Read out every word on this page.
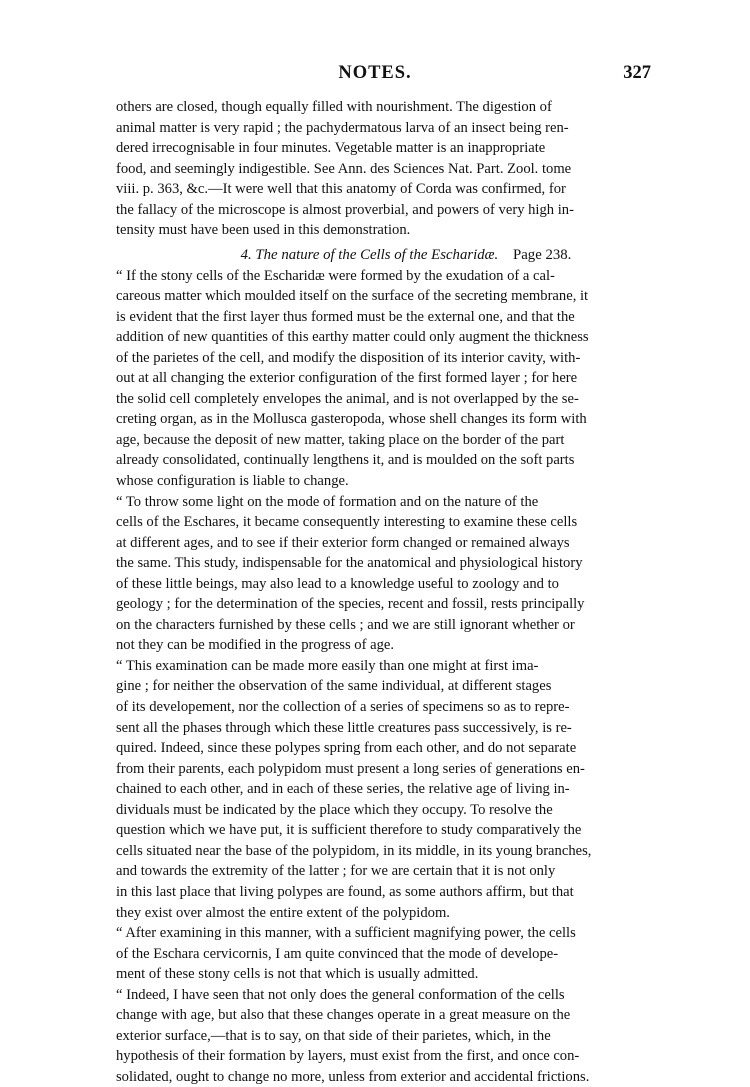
NOTES.	327
others are closed, though equally filled with nourishment. The digestion of
animal matter is very rapid ; the pachydermatous larva of an insect being ren-
dered irrecognisable in four minutes. Vegetable matter is an inappropriate
food, and seemingly indigestible. See Ann. des Sciences Nat. Part. Zool. tome
viii. p. 363, &c.—It were well that this anatomy of Corda was confirmed, for
the fallacy of the microscope is almost proverbial, and powers of very high in-
tensity must have been used in this demonstration.
4. The nature of the Cells of the Escharidæ. Page 238.
“ If the stony cells of the Escharidæ were formed by the exudation of a cal-
careous matter which moulded itself on the surface of the secreting membrane, it
is evident that the first layer thus formed must be the external one, and that the
addition of new quantities of this earthy matter could only augment the thickness
of the parietes of the cell, and modify the disposition of its interior cavity, with-
out at all changing the exterior configuration of the first formed layer ; for here
the solid cell completely envelopes the animal, and is not overlapped by the se-
creting organ, as in the Mollusca gasteropoda, whose shell changes its form with
age, because the deposit of new matter, taking place on the border of the part
already consolidated, continually lengthens it, and is moulded on the soft parts
whose configuration is liable to change.
“ To throw some light on the mode of formation and on the nature of the
cells of the Eschares, it became consequently interesting to examine these cells
at different ages, and to see if their exterior form changed or remained always
the same. This study, indispensable for the anatomical and physiological history
of these little beings, may also lead to a knowledge useful to zoology and to
geology ; for the determination of the species, recent and fossil, rests principally
on the characters furnished by these cells ; and we are still ignorant whether or
not they can be modified in the progress of age.
“ This examination can be made more easily than one might at first ima-
gine ; for neither the observation of the same individual, at different stages
of its developement, nor the collection of a series of specimens so as to repre-
sent all the phases through which these little creatures pass successively, is re-
quired. Indeed, since these polypes spring from each other, and do not separate
from their parents, each polypidom must present a long series of generations en-
chained to each other, and in each of these series, the relative age of living in-
dividuals must be indicated by the place which they occupy. To resolve the
question which we have put, it is sufficient therefore to study comparatively the
cells situated near the base of the polypidom, in its middle, in its young branches,
and towards the extremity of the latter ; for we are certain that it is not only
in this last place that living polypes are found, as some authors affirm, but that
they exist over almost the entire extent of the polypidom.
“ After examining in this manner, with a sufficient magnifying power, the cells
of the Eschara cervicornis, I am quite convinced that the mode of develope-
ment of these stony cells is not that which is usually admitted.
“ Indeed, I have seen that not only does the general conformation of the cells
change with age, but also that these changes operate in a great measure on the
exterior surface,—that is to say, on that side of their parietes, which, in the
hypothesis of their formation by layers, must exist from the first, and once con-
solidated, ought to change no more, unless from exterior and accidental frictions.
